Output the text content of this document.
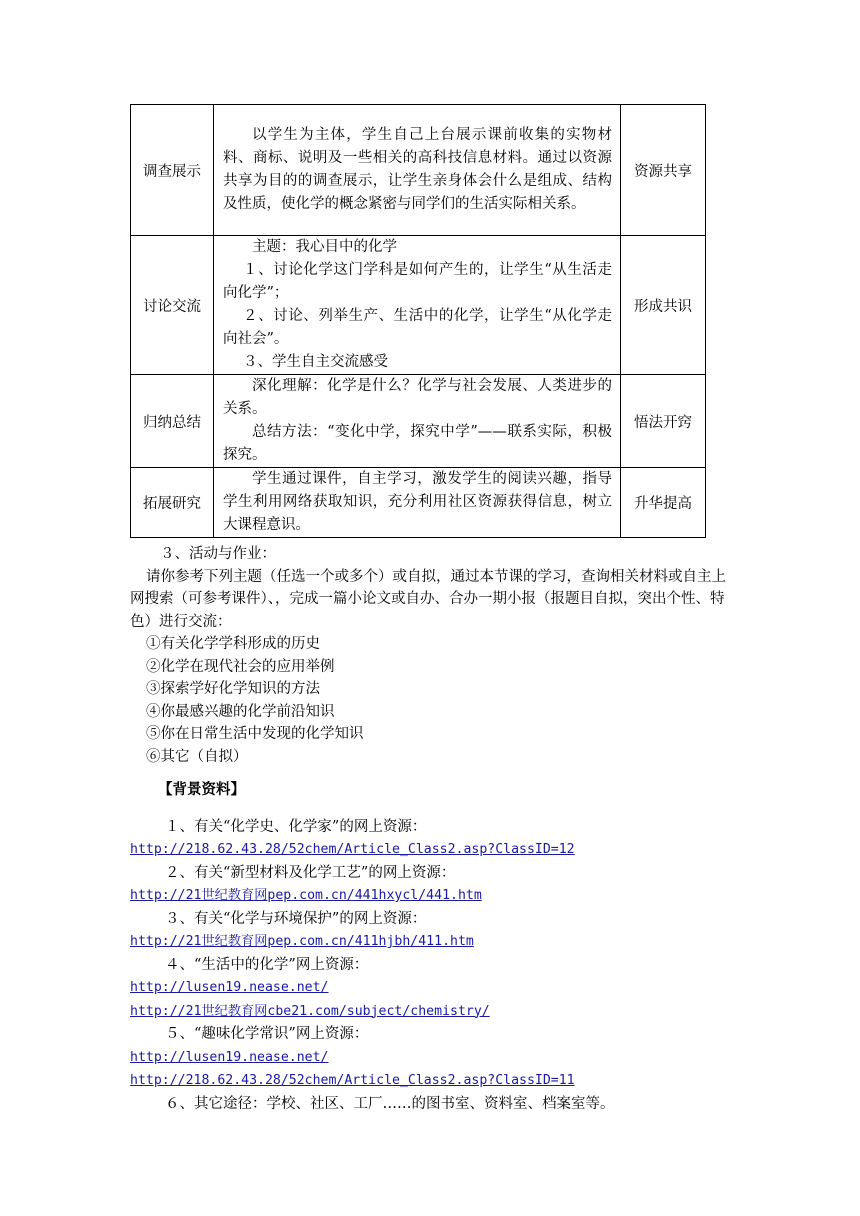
调查展示	以学生为主体，学生自己上台展示课前收集的实物材料、商标、说明及一些相关的高科技信息材料。通过以资源共享为目的的调查展示，让学生亲身体会什么是组成、结构及性质，使化学的概念紧密与同学们的生活实际相关系。	资源共享
讨论交流	主题：我心目中的化学

１、讨论化学这门学科是如何产生的，让学生“从生活走向化学”；

２、讨论、列举生产、生活中的化学，让学生“从化学走向社会”。

３、学生自主交流感受	形成共识
归纳总结	深化理解：化学是什么？化学与社会发展、人类进步的关系。

总结方法：“变化中学，探究中学”——联系实际，积极探究。	悟法开窍
拓展研究	学生通过课件，自主学习，激发学生的阅读兴趣，指导学生利用网络获取知识，充分利用社区资源获得信息，树立大课程意识。	升华提高

３、活动与作业：

请你参考下列主题（任选一个或多个）或自拟，通过本节课的学习，查询相关材料或自主上网搜索（可参考课件）、，完成一篇小论文或自办、合办一期小报（报题目自拟，突出个性、特色）进行交流：

①有关化学学科形成的历史

②化学在现代社会的应用举例

③探索学好化学知识的方法

④你最感兴趣的化学前沿知识

⑤你在日常生活中发现的化学知识

⑥其它（自拟）

【背景资料】

１、有关“化学史、化学家”的网上资源：

http://218.62.43.28/52chem/Article_Class2.asp?ClassID=12

２、有关“新型材料及化学工艺”的网上资源：

http://21世纪教育网pep.com.cn/441hxycl/441.htm

３、有关“化学与环境保护”的网上资源：

http://21世纪教育网pep.com.cn/411hjbh/411.htm

４、“生活中的化学”网上资源：

http://lusen19.nease.net/

http://21世纪教育网cbe21.com/subject/chemistry/

５、“趣味化学常识”网上资源：

http://lusen19.nease.net/

http://218.62.43.28/52chem/Article_Class2.asp?ClassID=11

６、其它途径：学校、社区、工厂……的图书室、资料室、档案室等。
